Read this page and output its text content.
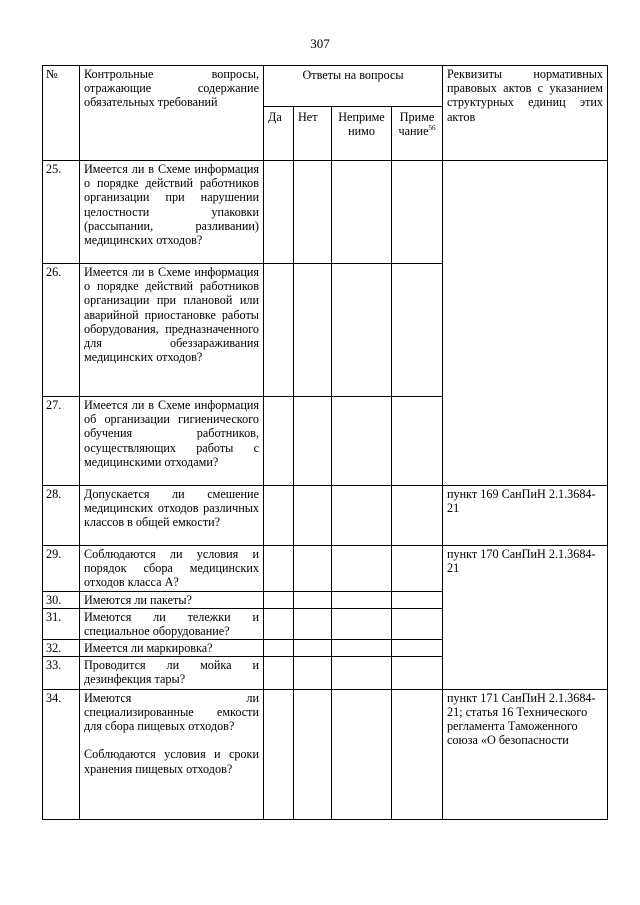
307
№	Контрольные вопросы, отражающие содержание обязательных требований	Ответы на вопросы				Реквизиты нормативных правовых актов с указанием структурных единиц этих актов
		Да	Нет	Неприме нимо	Приме чание$^{56}$
25.	Имеется ли в Схеме информация о порядке действий работников организации при нарушении целостности упаковки (рассыпании, разливании) медицинских отходов?					
26.	Имеется ли в Схеме информация о порядке действий работников организации при плановой или аварийной приостановке работы оборудования, предназначенного для обеззараживания медицинских отходов?					
27.	Имеется ли в Схеме информация об организации гигиенического обучения работников, осуществляющих работы с медицинскими отходами?					
28.	Допускается ли смешение медицинских отходов различных классов в общей емкости?					пункт 169 СанПиН 2.1.3684-21
29.	Соблюдаются ли условия и порядок сбора медицинских отходов класса А?					пункт 170 СанПиН 2.1.3684-21
30.	Имеются ли пакеты?					
31.	Имеются ли тележки и специальное оборудование?					
32.	Имеется ли маркировка?					
33.	Проводится ли мойка и дезинфекция тары?					
34.	Имеются ли специализированные емкости для сбора пищевых отходов?
Соблюдаются условия и сроки хранения пищевых отходов?					пункт 171 СанПиН 2.1.3684-21; статья 16 Технического регламента Таможенного союза «О безопасности
